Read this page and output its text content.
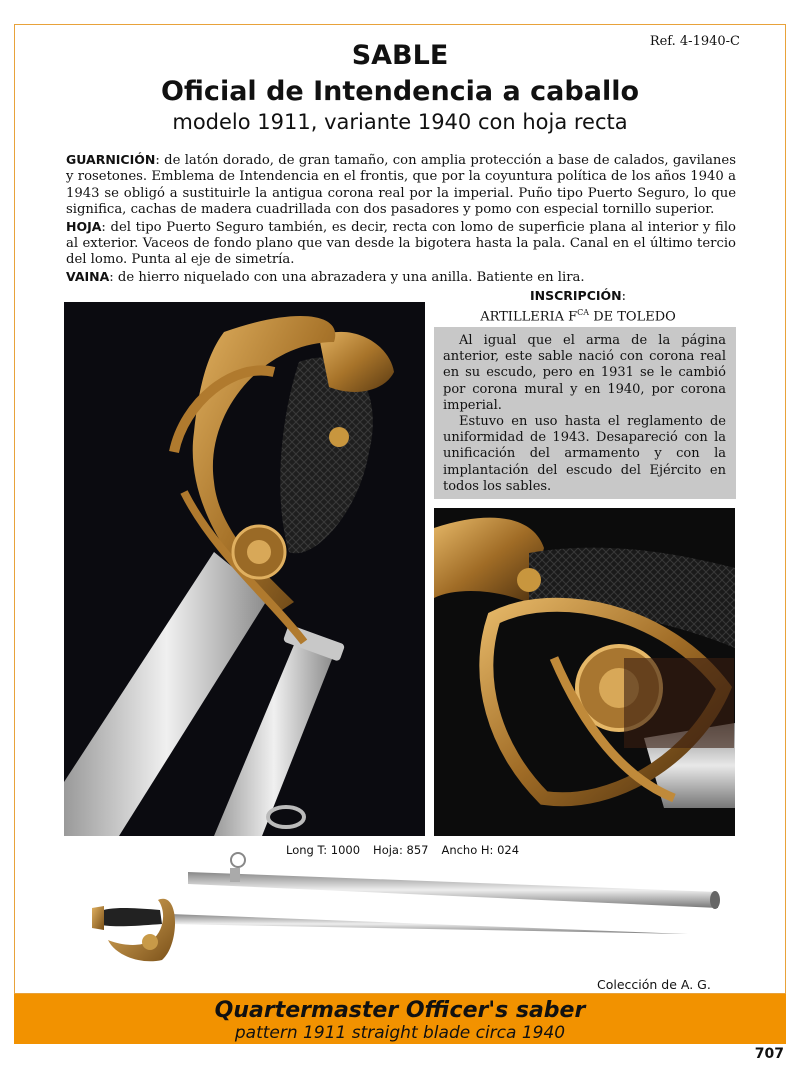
Ref. 4-1940-C
SABLE
Oficial de Intendencia a caballo
modelo 1911, variante 1940 con hoja recta

GUARNICIÓN: de latón dorado, de gran tamaño, con amplia protección a base de calados, gavilanes y rosetones. Emblema de Intendencia en el frontis, que por la coyuntura política de los años 1940 a 1943 se obligó a sustituirle la antigua corona real por la imperial. Puño tipo Puerto Seguro, lo que significa, cachas de madera cuadrillada con dos pasadores y pomo con especial tornillo superior.

HOJA: del tipo Puerto Seguro también, es decir, recta con lomo de superficie plana al interior y filo al exterior. Vaceos de fondo plano que van desde la bigotera hasta la pala. Canal en el último tercio del lomo. Punta al eje de simetría.

VAINA: de hierro niquelado con una abrazadera y una anilla. Batiente en lira.

INSCRIPCIÓN:
ARTILLERIA $F^{CA}$ DE TOLEDO

Al igual que el arma de la página anterior, este sable nació con corona real en su escudo, pero en 1931 se le cambió por corona mural y en 1940, por corona imperial.

Estuvo en uso hasta el reglamento de uniformidad de 1943. Desapareció con la unificación del armamento y con la implantación del escudo del Ejército en todos los sables.

Long T: 1000 Hoja: 857 Ancho H: 024
Colección de A. G.
Quartermaster Officer's saber
pattern 1911 straight blade circa 1940
707
